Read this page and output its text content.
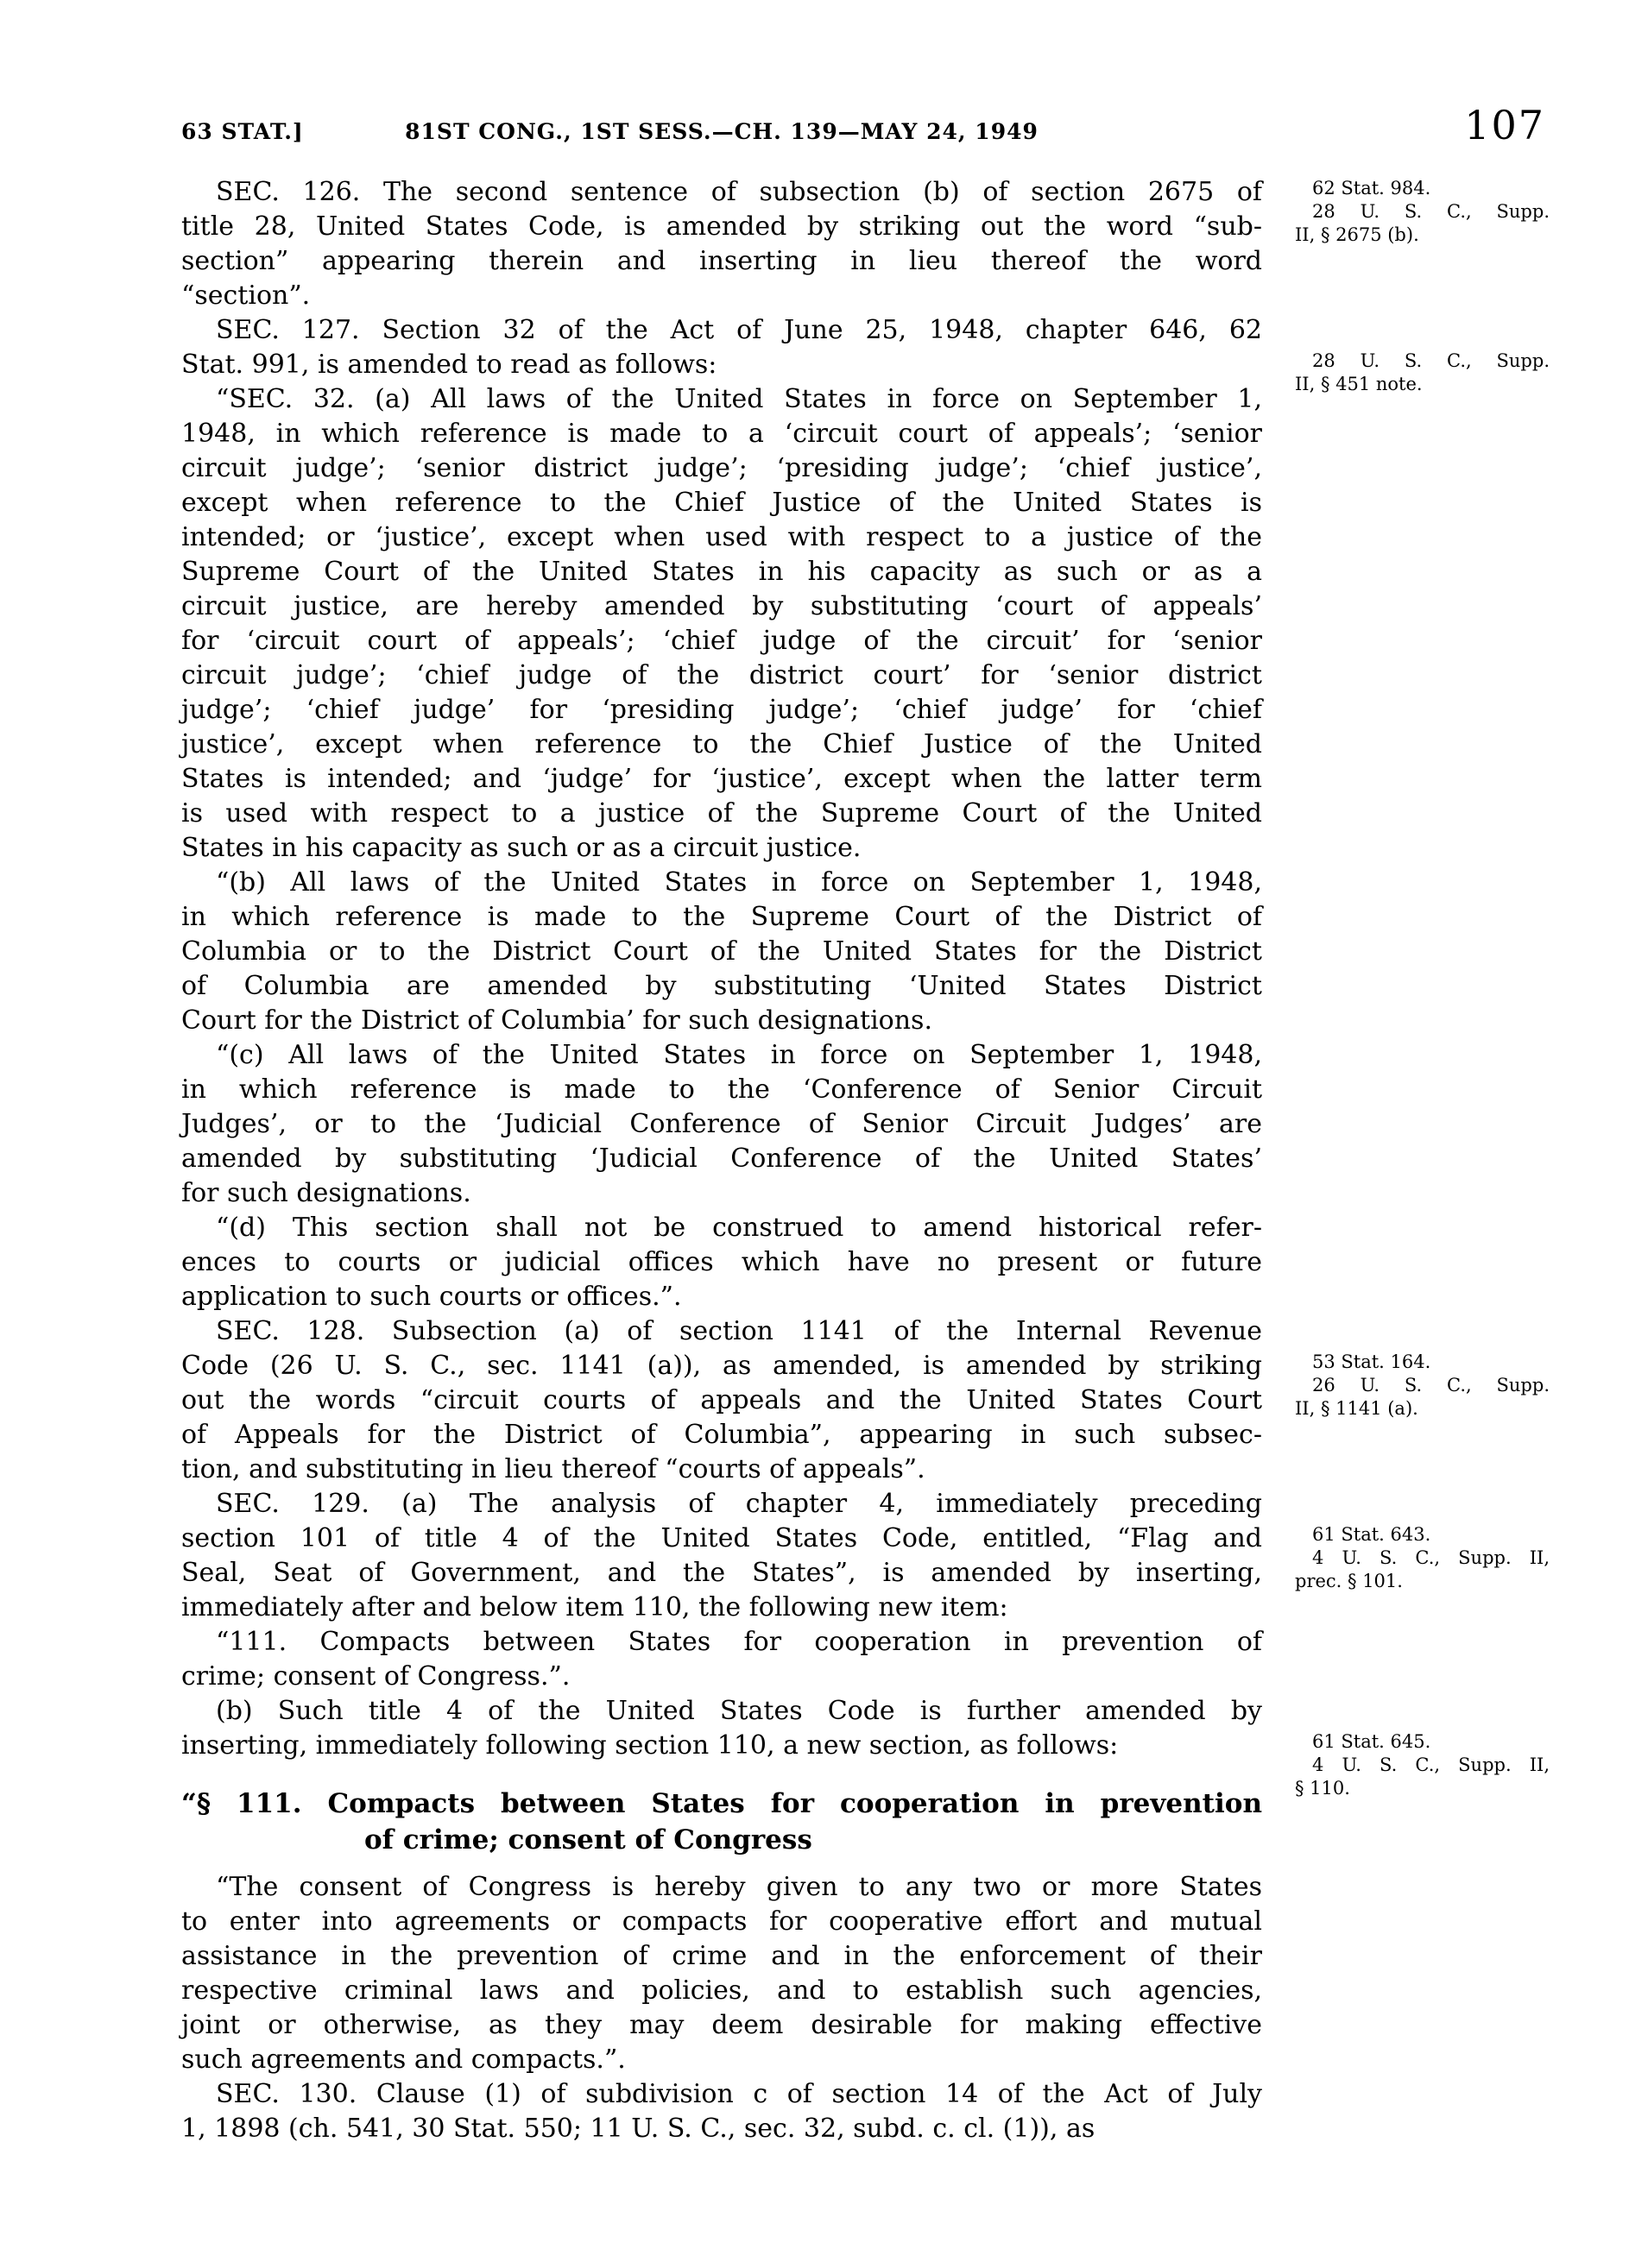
63 STAT.]	81ST CONG., 1ST SESS.—CH. 139—MAY 24, 1949	107
SEC. 126. The second sentence of subsection (b) of section 2675 of
title 28, United States Code, is amended by striking out the word “sub-
section” appearing therein and inserting in lieu thereof the word
“section”.
SEC. 127. Section 32 of the Act of June 25, 1948, chapter 646, 62
Stat. 991, is amended to read as follows:
“SEC. 32. (a) All laws of the United States in force on September 1,
1948, in which reference is made to a ‘circuit court of appeals’; ‘senior
circuit judge’; ‘senior district judge’; ‘presiding judge’; ‘chief justice’,
except when reference to the Chief Justice of the United States is
intended; or ‘justice’, except when used with respect to a justice of the
Supreme Court of the United States in his capacity as such or as a
circuit justice, are hereby amended by substituting ‘court of appeals’
for ‘circuit court of appeals’; ‘chief judge of the circuit’ for ‘senior
circuit judge’; ‘chief judge of the district court’ for ‘senior district
judge’; ‘chief judge’ for ‘presiding judge’; ‘chief judge’ for ‘chief
justice’, except when reference to the Chief Justice of the United
States is intended; and ‘judge’ for ‘justice’, except when the latter term
is used with respect to a justice of the Supreme Court of the United
States in his capacity as such or as a circuit justice.
“(b) All laws of the United States in force on September 1, 1948,
in which reference is made to the Supreme Court of the District of
Columbia or to the District Court of the United States for the District
of Columbia are amended by substituting ‘United States District
Court for the District of Columbia’ for such designations.
“(c) All laws of the United States in force on September 1, 1948,
in which reference is made to the ‘Conference of Senior Circuit
Judges’, or to the ‘Judicial Conference of Senior Circuit Judges’ are
amended by substituting ‘Judicial Conference of the United States’
for such designations.
“(d) This section shall not be construed to amend historical refer-
ences to courts or judicial offices which have no present or future
application to such courts or offices.”.
SEC. 128. Subsection (a) of section 1141 of the Internal Revenue
Code (26 U. S. C., sec. 1141 (a)), as amended, is amended by striking
out the words “circuit courts of appeals and the United States Court
of Appeals for the District of Columbia”, appearing in such subsec-
tion, and substituting in lieu thereof “courts of appeals”.
SEC. 129. (a) The analysis of chapter 4, immediately preceding
section 101 of title 4 of the United States Code, entitled, “Flag and
Seal, Seat of Government, and the States”, is amended by inserting,
immediately after and below item 110, the following new item:
“111. Compacts between States for cooperation in prevention of
crime; consent of Congress.”.
(b) Such title 4 of the United States Code is further amended by
inserting, immediately following section 110, a new section, as follows:
“§ 111. Compacts between States for cooperation in prevention
of crime; consent of Congress
“The consent of Congress is hereby given to any two or more States
to enter into agreements or compacts for cooperative effort and mutual
assistance in the prevention of crime and in the enforcement of their
respective criminal laws and policies, and to establish such agencies,
joint or otherwise, as they may deem desirable for making effective
such agreements and compacts.”.
SEC. 130. Clause (1) of subdivision c of section 14 of the Act of July
1, 1898 (ch. 541, 30 Stat. 550; 11 U. S. C., sec. 32, subd. c. cl. (1)), as
62 Stat. 984.
28 U. S. C., Supp.
II, § 2675 (b).
28 U. S. C., Supp.
II, § 451 note.
53 Stat. 164.
26 U. S. C., Supp.
II, § 1141 (a).
61 Stat. 643.
4 U. S. C., Supp. II,
prec. § 101.
61 Stat. 645.
4 U. S. C., Supp. II,
§ 110.
